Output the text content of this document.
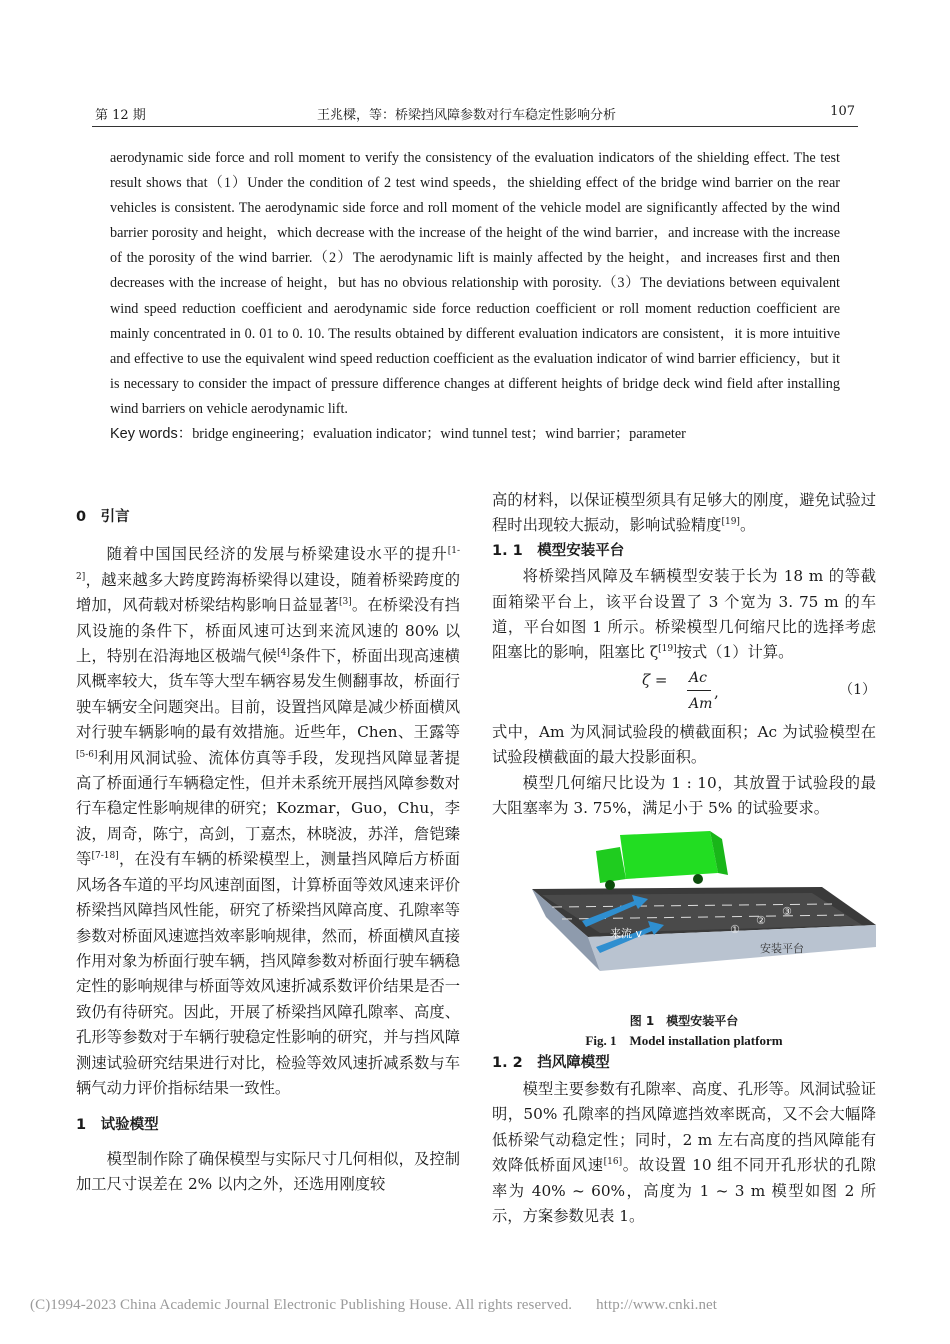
第 12 期	王兆樑，等：桥梁挡风障参数对行车稳定性影响分析	107

aerodynamic side force and roll moment to verify the consistency of the evaluation indicators of the shielding effect. The test result shows that（1）Under the condition of 2 test wind speeds，the shielding effect of the bridge wind barrier on the rear vehicles is consistent. The aerodynamic side force and roll moment of the vehicle model are significantly affected by the wind barrier porosity and height，which decrease with the increase of the height of the wind barrier，and increase with the increase of the porosity of the wind barrier.（2）The aerodynamic lift is mainly affected by the height，and increases first and then decreases with the increase of height，but has no obvious relationship with porosity.（3）The deviations between equivalent wind speed reduction coefficient and aerodynamic side force reduction coefficient or roll moment reduction coefficient are mainly concentrated in 0. 01 to 0. 10. The results obtained by different evaluation indicators are consistent，it is more intuitive and effective to use the equivalent wind speed reduction coefficient as the evaluation indicator of wind barrier efficiency，but it is necessary to consider the impact of pressure difference changes at different heights of bridge deck wind field after installing wind barriers on vehicle aerodynamic lift.

Key words：bridge engineering；evaluation indicator；wind tunnel test；wind barrier；parameter

0　引言

随着中国国民经济的发展与桥梁建设水平的提升[1-2]，越来越多大跨度跨海桥梁得以建设，随着桥梁跨度的增加，风荷载对桥梁结构影响日益显著[3]。在桥梁没有挡风设施的条件下，桥面风速可达到来流风速的 80% 以上，特别在沿海地区极端气候[4]条件下，桥面出现高速横风概率较大，货车等大型车辆容易发生侧翻事故，桥面行驶车辆安全问题突出。目前，设置挡风障是减少桥面横风对行驶车辆影响的最有效措施。近些年，Chen、王露等[5-6]利用风洞试验、流体仿真等手段，发现挡风障显著提高了桥面通行车辆稳定性，但并未系统开展挡风障参数对行车稳定性影响规律的研究；Kozmar，Guo，Chu，李波，周奇，陈宁，高剑，丁嘉杰，林晓波，苏洋，詹铠臻等[7-18]，在没有车辆的桥梁模型上，测量挡风障后方桥面风场各车道的平均风速剖面图，计算桥面等效风速来评价桥梁挡风障挡风性能，研究了桥梁挡风障高度、孔隙率等参数对桥面风速遮挡效率影响规律，然而，桥面横风直接作用对象为桥面行驶车辆，挡风障参数对桥面行驶车辆稳定性的影响规律与桥面等效风速折减系数评价结果是否一致仍有待研究。因此，开展了桥梁挡风障孔隙率、高度、孔形等参数对于车辆行驶稳定性影响的研究，并与挡风障测速试验研究结果进行对比，检验等效风速折减系数与车辆气动力评价指标结果一致性。

1　试验模型

模型制作除了确保模型与实际尺寸几何相似，及控制加工尺寸误差在 2% 以内之外，还选用刚度较

高的材料，以保证模型须具有足够大的刚度，避免试验过程时出现较大振动，影响试验精度[19]。

1. 1　模型安装平台

将桥梁挡风障及车辆模型安装于长为 18 m 的等截面箱梁平台上，该平台设置了 3 个宽为 3. 75 m 的车道，平台如图 1 所示。桥梁模型几何缩尺比的选择考虑阻塞比的影响，阻塞比 ζ[19]按式（1）计算。

ζ = Ac
Am
,	（1）

式中，Am 为风洞试验段的横截面积；Ac 为试验模型在试验段横截面的最大投影面积。

模型几何缩尺比设为 1 : 10，其放置于试验段的最大阻塞率为 3. 75%，满足小于 5% 的试验要求。

来流 v
安装平台
①
②
③

图 1　模型安装平台

Fig. 1　Model installation platform

1. 2　挡风障模型

模型主要参数有孔隙率、高度、孔形等。风洞试验证明，50% 孔隙率的挡风障遮挡效率既高，又不会大幅降低桥梁气动稳定性；同时，2 m 左右高度的挡风障能有效降低桥面风速[16]。故设置 10 组不同开孔形状的孔隙率为 40% ~ 60%，高度为 1 ~ 3 m 模型如图 2 所示，方案参数见表 1。

(C)1994-2023 China Academic Journal Electronic Publishing House. All rights reserved. http://www.cnki.net
